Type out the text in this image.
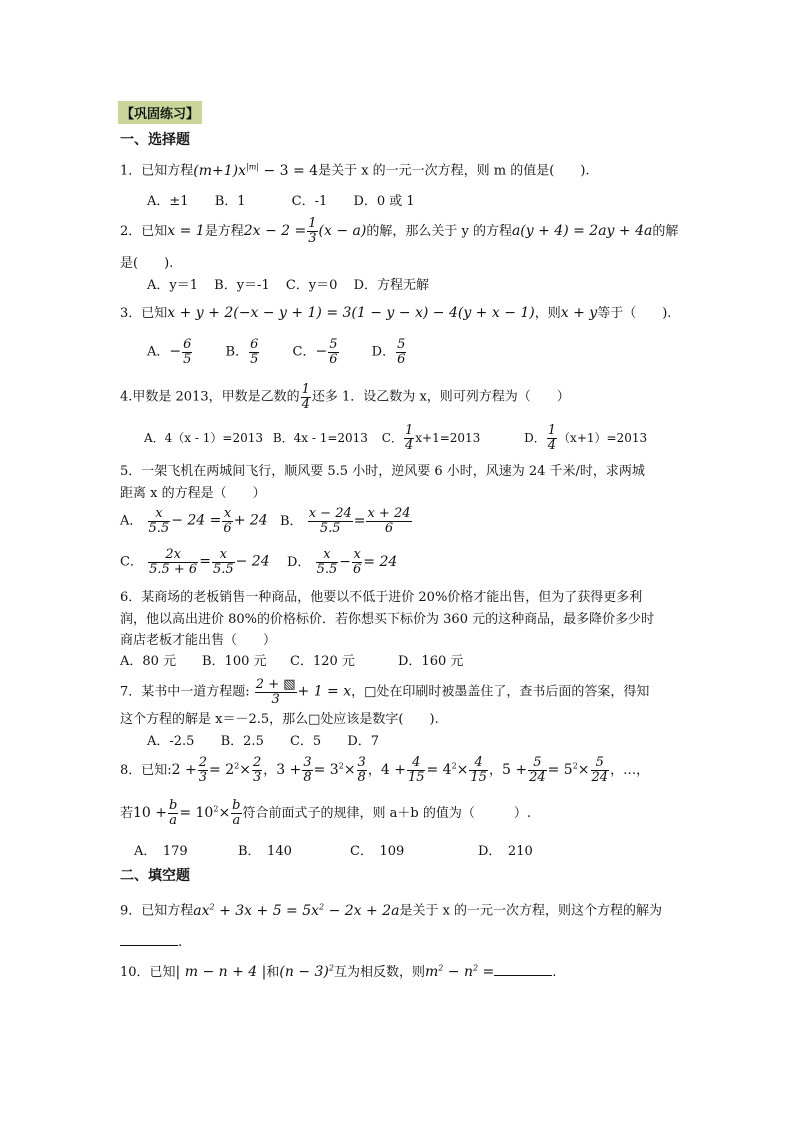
【巩固练习】
一、选择题
1．已知方程$(m+1)x^{|m|} - 3 = 4$是关于 x 的一元一次方程，则 m 的值是(　　).
A．±1 B．1	C．-1 D．0 或 1
2．已知x = 1是方程$2x - 2 = \frac{1}{3} (x - a)$的解，那么关于 y 的方程a(y + 4) = 2ay + 4a的解
是(　　).
A．y＝1 B．y＝-1 C．y＝0 D．方程无解
3．已知x + y + 2(−x − y + 1) = 3(1 − y − x) − 4(y + x − 1)，则x + y等于（　　).
A．− $\frac{6}{5}$	B． $\frac{6}{5}$	C．− $\frac{5}{6}$	D． $\frac{5}{6}$
4.甲数是 2013，甲数是乙数的 $\frac{1}{4}$ 还多 1．设乙数为 x，则可列方程为（　　）
A．4（x - 1）=2013 B．4x - 1=2013 C． $\frac{1}{4} x+1=2013$	D． $\frac{1}{4} (x+1)=2013$
5．一架飞机在两城间飞行，顺风要 5.5 小时，逆风要 6 小时，风速为 24 千米/时，求两城
距离 x 的方程是（　　）
A． $\frac{x}{5.5} - 24 = \frac{x}{6} + 24$ B． $\frac{x - 24}{5.5} = \frac{x + 24}{6}$
C． $\frac{2x}{5.5 + 6} = \frac{x}{5.5} - 24$ D． $\frac{x}{5.5} - \frac{x}{6} = 24$
6．某商场的老板销售一种商品，他要以不低于进价 20%价格才能出售，但为了获得更多利
润，他以高出进价 80%的价格标价．若你想买下标价为 360 元的这种商品，最多降价多少时
商店老板才能出售（　　）
A．80 元 B．100 元 C．120 元	D．160 元
7．某书中一道方程题: $\frac{2 + ▧}{3} + 1 = x$，□处在印刷时被墨盖住了，查书后面的答案，得知
这个方程的解是 x＝－2.5，那么□处应该是数字(　　).
A．-2.5 B．2.5 C．5 D．7
8．已知:2 + $\frac{2}{3} = 2^2\times \frac{2}{3}$ ，$3 + \frac{3}{8} = 3^2\times \frac{3}{8}$ ，$4 + \frac{4}{15} = 4^2\times \frac{4}{15}$ ，$5 + \frac{5}{24} = 5^2\times \frac{5}{24}$ ，…，
若$10 + \frac{b}{a} = 10^2\times \frac{b}{a}$ 符合前面式子的规律，则 a＋b 的值为（　　　）.
A．　179	B．　140	C．　109	D．　210
二、填空题
9．已知方程$ax^2 + 3x + 5 = 5x^2 - 2x + 2a$是关于 x 的一元一次方程，则这个方程的解为
.
10．已知| m − n + 4 |和$(n - 3)^2$互为相反数，则$m^2 - n^2$ =	.
